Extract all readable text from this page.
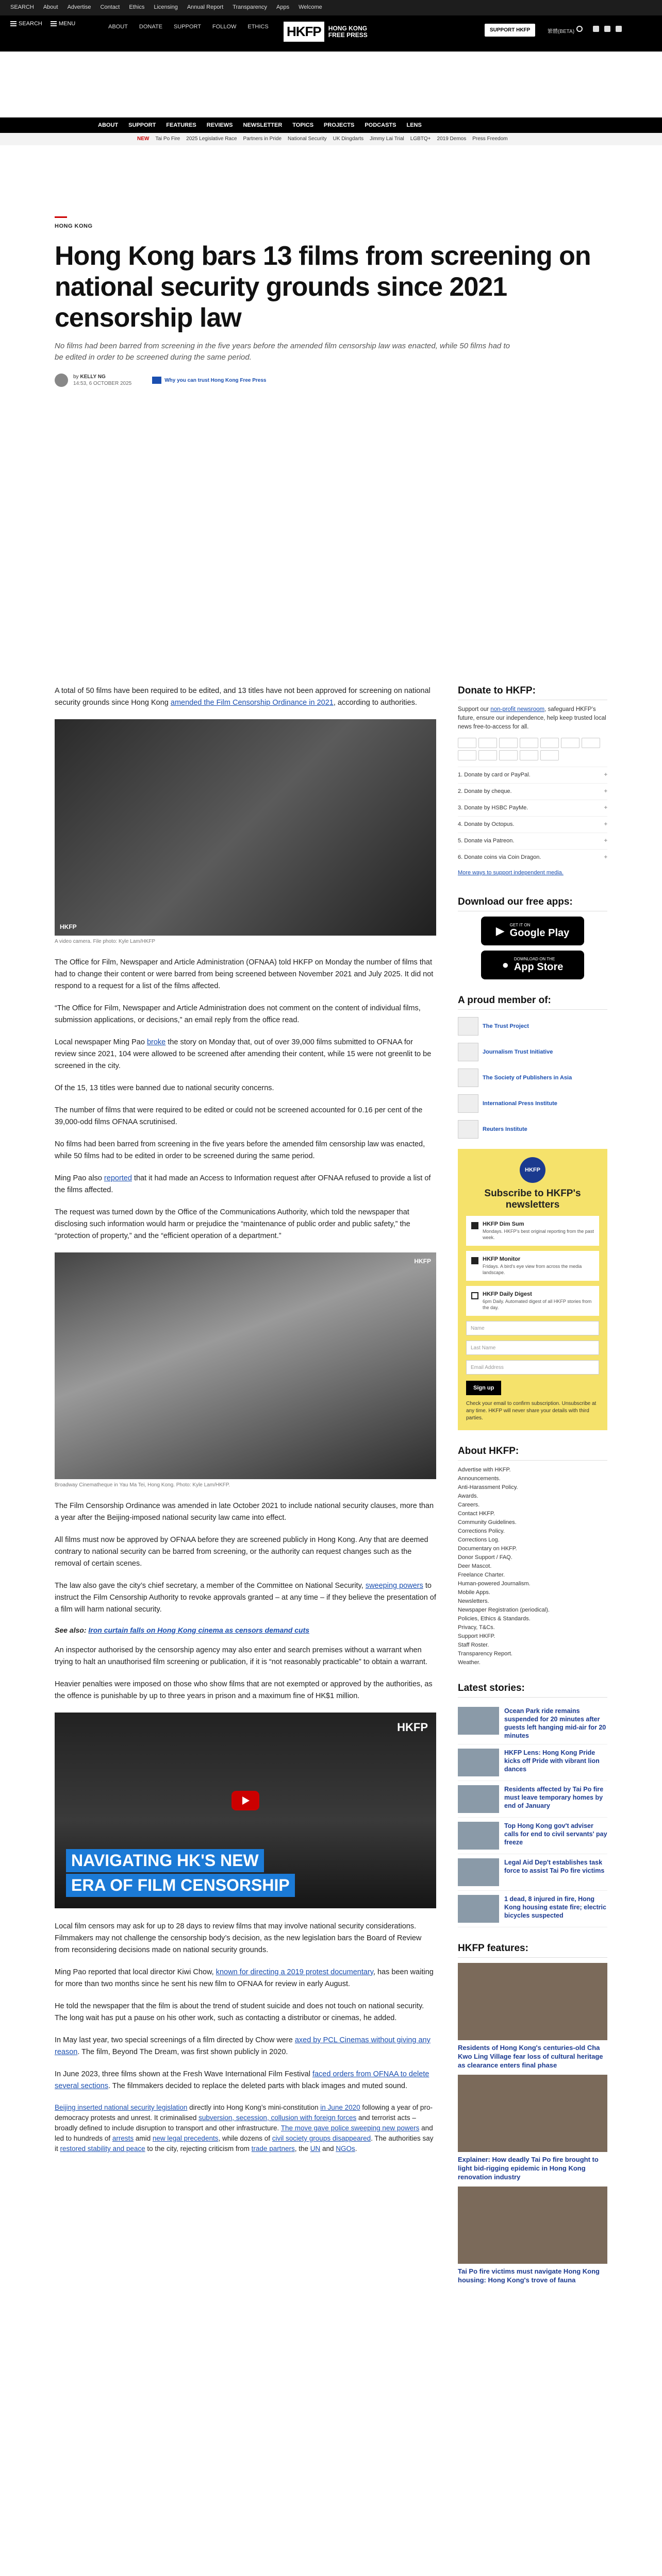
SEARCH About Advertise Contact Ethics Licensing Annual Report Transparency Apps Welcome
SEARCH	MENU	ABOUT DONATE SUPPORT FOLLOW ETHICS HKFP	HONG KONG
FREE PRESS
SUPPORT HKFP	繁體(BETA)
ABOUT SUPPORT FEATURES REVIEWS NEWSLETTER TOPICS PROJECTS PODCASTS LENS
NEW Tai Po Fire 2025 Legislative Race Partners in Pride National Security UK Dingdarts Jimmy Lai Trial LGBTQ+ 2019 Demos Press Freedom
HONG KONG
Hong Kong bars 13 films from screening on national security grounds since 2021 censorship law
No films had been barred from screening in the five years before the amended film censorship law was enacted, while 50 films had to be edited in order to be screened during the same period.
by KELLY NG
14:53, 6 OCTOBER 2025
Why you can trust Hong Kong Free Press

A total of 50 films have been required to be edited, and 13 titles have not been approved for screening on national security grounds since Hong Kong amended the Film Censorship Ordinance in 2021, according to authorities.

HKFP
A video camera. File photo: Kyle Lam/HKFP

The Office for Film, Newspaper and Article Administration (OFNAA) told HKFP on Monday the number of films that had to change their content or were barred from being screened between November 2021 and July 2025. It did not respond to a request for a list of the films affected.

“The Office for Film, Newspaper and Article Administration does not comment on the content of individual films, submission applications, or decisions,” an email reply from the office read.

Local newspaper Ming Pao broke the story on Monday that, out of over 39,000 films submitted to OFNAA for review since 2021, 104 were allowed to be screened after amending their content, while 15 were not greenlit to be screened in the city.

Of the 15, 13 titles were banned due to national security concerns.

The number of films that were required to be edited or could not be screened accounted for 0.16 per cent of the 39,000-odd films OFNAA scrutinised.

No films had been barred from screening in the five years before the amended film censorship law was enacted, while 50 films had to be edited in order to be screened during the same period.

Ming Pao also reported that it had made an Access to Information request after OFNAA refused to provide a list of the films affected.

The request was turned down by the Office of the Communications Authority, which told the newspaper that disclosing such information would harm or prejudice the “maintenance of public order and public safety,” the “protection of property,” and the “efficient operation of a department.”

HKFP
Broadway Cinematheque in Yau Ma Tei, Hong Kong. Photo: Kyle Lam/HKFP.

The Film Censorship Ordinance was amended in late October 2021 to include national security clauses, more than a year after the Beijing-imposed national security law came into effect.

All films must now be approved by OFNAA before they are screened publicly in Hong Kong. Any that are deemed contrary to national security can be barred from screening, or the authority can request changes such as the removal of certain scenes.

The law also gave the city’s chief secretary, a member of the Committee on National Security, sweeping powers to instruct the Film Censorship Authority to revoke approvals granted – at any time – if they believe the presentation of a film will harm national security.

See also: Iron curtain falls on Hong Kong cinema as censors demand cuts

An inspector authorised by the censorship agency may also enter and search premises without a warrant when trying to halt an unauthorised film screening or publication, if it is “not reasonably practicable” to obtain a warrant.

Heavier penalties were imposed on those who show films that are not exempted or approved by the authorities, as the offence is punishable by up to three years in prison and a maximum fine of HK$1 million.

HKFP
NAVIGATING HK'S NEW
ERA OF FILM CENSORSHIP

Local film censors may ask for up to 28 days to review films that may involve national security considerations. Filmmakers may not challenge the censorship body’s decision, as the new legislation bars the Board of Review from reconsidering decisions made on national security grounds.

Ming Pao reported that local director Kiwi Chow, known for directing a 2019 protest documentary, has been waiting for more than two months since he sent his new film to OFNAA for review in early August.

He told the newspaper that the film is about the trend of student suicide and does not touch on national security. The long wait has put a pause on his other work, such as contacting a distributor or cinemas, he added.

In May last year, two special screenings of a film directed by Chow were axed by PCL Cinemas without giving any reason. The film, Beyond The Dream, was first shown publicly in 2020.

In June 2023, three films shown at the Fresh Wave International Film Festival faced orders from OFNAA to delete several sections. The filmmakers decided to replace the deleted parts with black images and muted sound.

Beijing inserted national security legislation directly into Hong Kong’s mini-constitution in June 2020 following a year of pro-democracy protests and unrest. It criminalised subversion, secession, collusion with foreign forces and terrorist acts – broadly defined to include disruption to transport and other infrastructure. The move gave police sweeping new powers and led to hundreds of arrests amid new legal precedents, while dozens of civil society groups disappeared. The authorities say it restored stability and peace to the city, rejecting criticism from trade partners, the UN and NGOs.

Donate to HKFP:
Support our non-profit newsroom, safeguard HKFP’s future, ensure our independence, help keep trusted local news free-to-access for all.
1. Donate by card or PayPal.	+
2. Donate by cheque.	+
3. Donate by HSBC PayMe.	+
4. Donate by Octopus.	+
5. Donate via Patreon.	+
6. Donate coins via Coin Dragon.	+
More ways to support independent media.
Download our free apps:
▶ GET IT ON
Google Play
● DOWNLOAD ON THE
App Store
A proud member of:
The Trust Project
Journalism Trust Initiative
The Society of Publishers in Asia
International Press Institute
Reuters Institute
HKFP
Subscribe to HKFP's newsletters
HKFP Dim Sum
Mondays. HKFP's best original reporting from the past week.
HKFP Monitor
Fridays. A bird's eye view from across the media landscape.
HKFP Daily Digest
6pm Daily. Automated digest of all HKFP stories from the day.
Name
Last Name
Email Address
Sign up
Check your email to confirm subscription. Unsubscribe at any time. HKFP will never share your details with third parties.
About HKFP:
Advertise with HKFP.
Announcements.
Anti-Harassment Policy.
Awards.
Careers.
Contact HKFP.
Community Guidelines.
Corrections Policy.
Corrections Log.
Documentary on HKFP.
Donor Support / FAQ.
Deer Mascot.
Freelance Charter.
Human-powered Journalism.
Mobile Apps.
Newsletters.
Newspaper Registration (periodical).
Policies, Ethics & Standards.
Privacy, T&Cs.
Support HKFP.
Staff Roster.
Transparency Report.
Weather.
Latest stories:
Ocean Park ride remains suspended for 20 minutes after guests left hanging mid-air for 20 minutes
HKFP Lens: Hong Kong Pride kicks off Pride with vibrant lion dances
Residents affected by Tai Po fire must leave temporary homes by end of January
Top Hong Kong gov't adviser calls for end to civil servants' pay freeze
Legal Aid Dep't establishes task force to assist Tai Po fire victims
1 dead, 8 injured in fire, Hong Kong housing estate fire; electric bicycles suspected
HKFP features:
Residents of Hong Kong's centuries-old Cha Kwo Ling Village fear loss of cultural heritage as clearance enters final phase
Explainer: How deadly Tai Po fire brought to light bid-rigging epidemic in Hong Kong renovation industry
Tai Po fire victims must navigate Hong Kong housing: Hong Kong's trove of fauna
